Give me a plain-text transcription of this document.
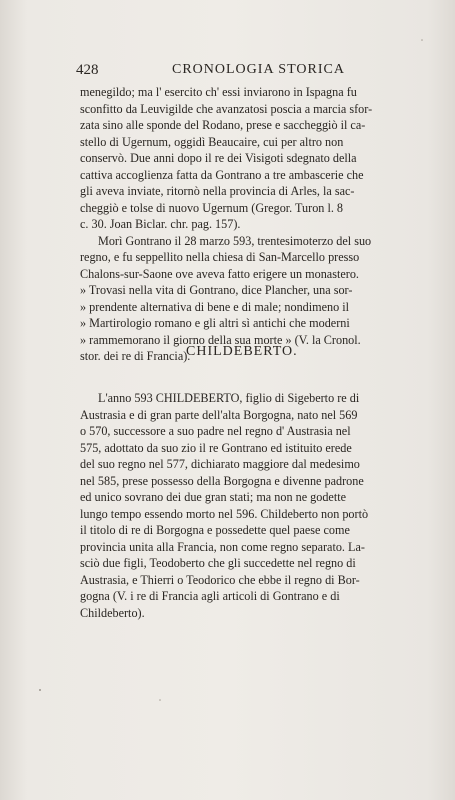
428	CRONOLOGIA STORICA

menegildo; ma l' esercito ch' essi inviarono in Ispagna fu
sconfitto da Leuvigilde che avanzatosi poscia a marcia sfor-
zata sino alle sponde del Rodano, prese e saccheggiò il ca-
stello di Ugernum, oggidì Beaucaire, cui per altro non
conservò. Due anni dopo il re dei Visigoti sdegnato della
cattiva accoglienza fatta da Gontrano a tre ambascerie che
gli aveva inviate, ritornò nella provincia di Arles, la sac-
cheggiò e tolse di nuovo Ugernum (Gregor. Turon l. 8
c. 30. Joan Biclar. chr. pag. 157).

Morì Gontrano il 28 marzo 593, trentesimoterzo del suo
regno, e fu seppellito nella chiesa di San-Marcello presso
Chalons-sur-Saone ove aveva fatto erigere un monastero.
» Trovasi nella vita di Gontrano, dice Plancher, una sor-
» prendente alternativa di bene e di male; nondimeno il
» Martirologio romano e gli altri sì antichi che moderni
» rammemorano il giorno della sua morte » (V. la Cronol.
stor. dei re di Francia).

CHILDEBERTO.

L'anno 593 CHILDEBERTO, figlio di Sigeberto re di
Austrasia e di gran parte dell'alta Borgogna, nato nel 569
o 570, successore a suo padre nel regno d' Austrasia nel
575, adottato da suo zio il re Gontrano ed istituito erede
del suo regno nel 577, dichiarato maggiore dal medesimo
nel 585, prese possesso della Borgogna e divenne padrone
ed unico sovrano dei due gran stati; ma non ne godette
lungo tempo essendo morto nel 596. Childeberto non portò
il titolo di re di Borgogna e possedette quel paese come
provincia unita alla Francia, non come regno separato. La-
sciò due figli, Teodoberto che gli succedette nel regno di
Austrasia, e Thierri o Teodorico che ebbe il regno di Bor-
gogna (V. i re di Francia agli articoli di Gontrano e di
Childeberto).
